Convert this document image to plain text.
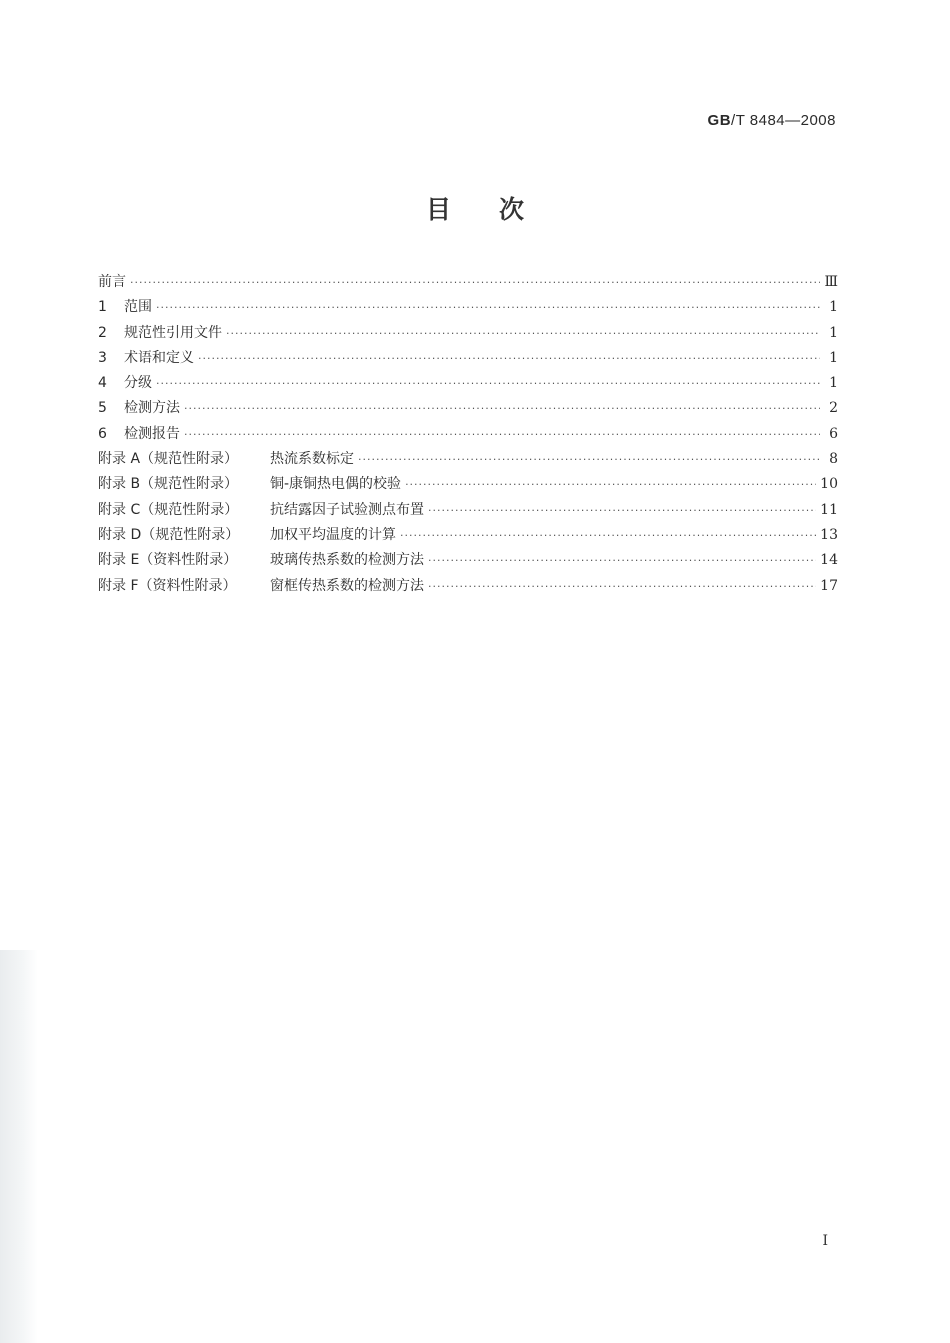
GB/T 8484—2008
目次
前言 ·····	Ⅲ
1 范围 ·····	1
2 规范性引用文件 ·····	1
3 术语和定义 ·····	1
4 分级 ·····	1
5 检测方法 ·····	2
6 检测报告 ·····	6
附录 A（规范性附录） 热流系数标定 ·····	8
附录 B（规范性附录） 铜-康铜热电偶的校验 ·····	10
附录 C（规范性附录） 抗结露因子试验测点布置 ·····	11
附录 D（规范性附录） 加权平均温度的计算 ·····	13
附录 E（资料性附录） 玻璃传热系数的检测方法 ·····	14
附录 F（资料性附录） 窗框传热系数的检测方法 ·····	17
I
